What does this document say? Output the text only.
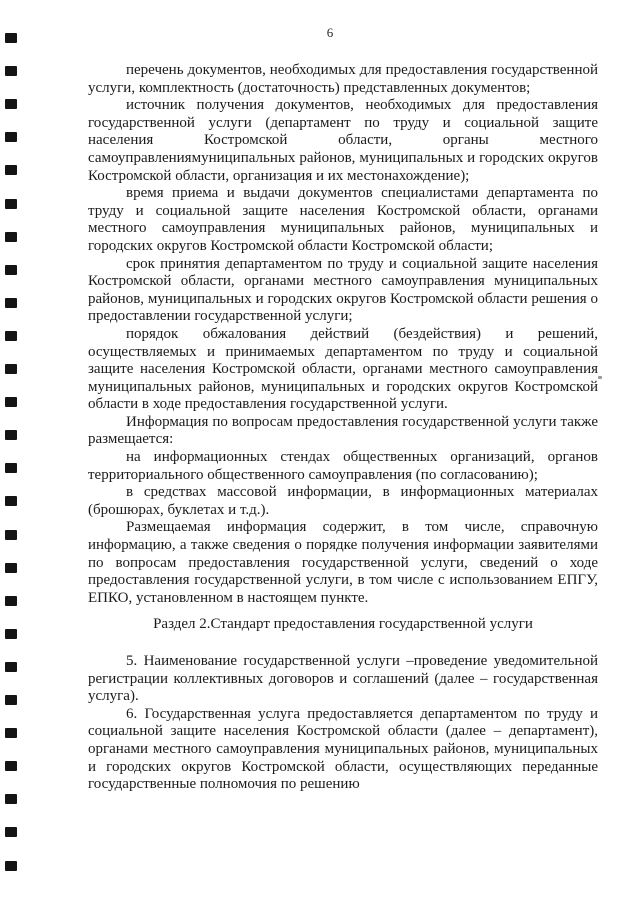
6

перечень документов, необходимых для предоставления государственной услуги, комплектность (достаточность) представленных документов;

источник получения документов, необходимых для предоставления государственной услуги (департамент по труду и социальной защите населения Костромской области, органы местного самоуправлениямуниципальных районов, муниципальных и городских округов Костромской области, организация и их местонахождение);

время приема и выдачи документов специалистами департамента по труду и социальной защите населения Костромской области, органами местного самоуправления муниципальных районов, муниципальных и городских округов Костромской области Костромской области;

срок принятия департаментом по труду и социальной защите населения Костромской области, органами местного самоуправления муниципальных районов, муниципальных и городских округов Костромской области решения о предоставлении государственной услуги;

порядок обжалования действий (бездействия) и решений, осуществляемых и принимаемых департаментом по труду и социальной защите населения Костромской области, органами местного самоуправления муниципальных районов, муниципальных и городских округов Костромской области в ходе предоставления государственной услуги.

Информация по вопросам предоставления государственной услуги также размещается:

на информационных стендах общественных организаций, органов территориального общественного самоуправления (по согласованию);

в средствах массовой информации, в информационных материалах (брошюрах, буклетах и т.д.).

Размещаемая информация содержит, в том числе, справочную информацию, а также сведения о порядке получения информации заявителями по вопросам предоставления государственной услуги, сведений о ходе предоставления государственной услуги, в том числе с использованием ЕПГУ, ЕПКО, установленном в настоящем пункте.

Раздел 2.Стандарт предоставления государственной услуги

5. Наименование государственной услуги –проведение уведомительной регистрации коллективных договоров и соглашений (далее – государственная услуга).

6. Государственная услуга предоставляется департаментом по труду и социальной защите населения Костромской области (далее – департамент), органами местного самоуправления муниципальных районов, муниципальных и городских округов Костромской области, осуществляющих переданные государственные полномочия по решению
